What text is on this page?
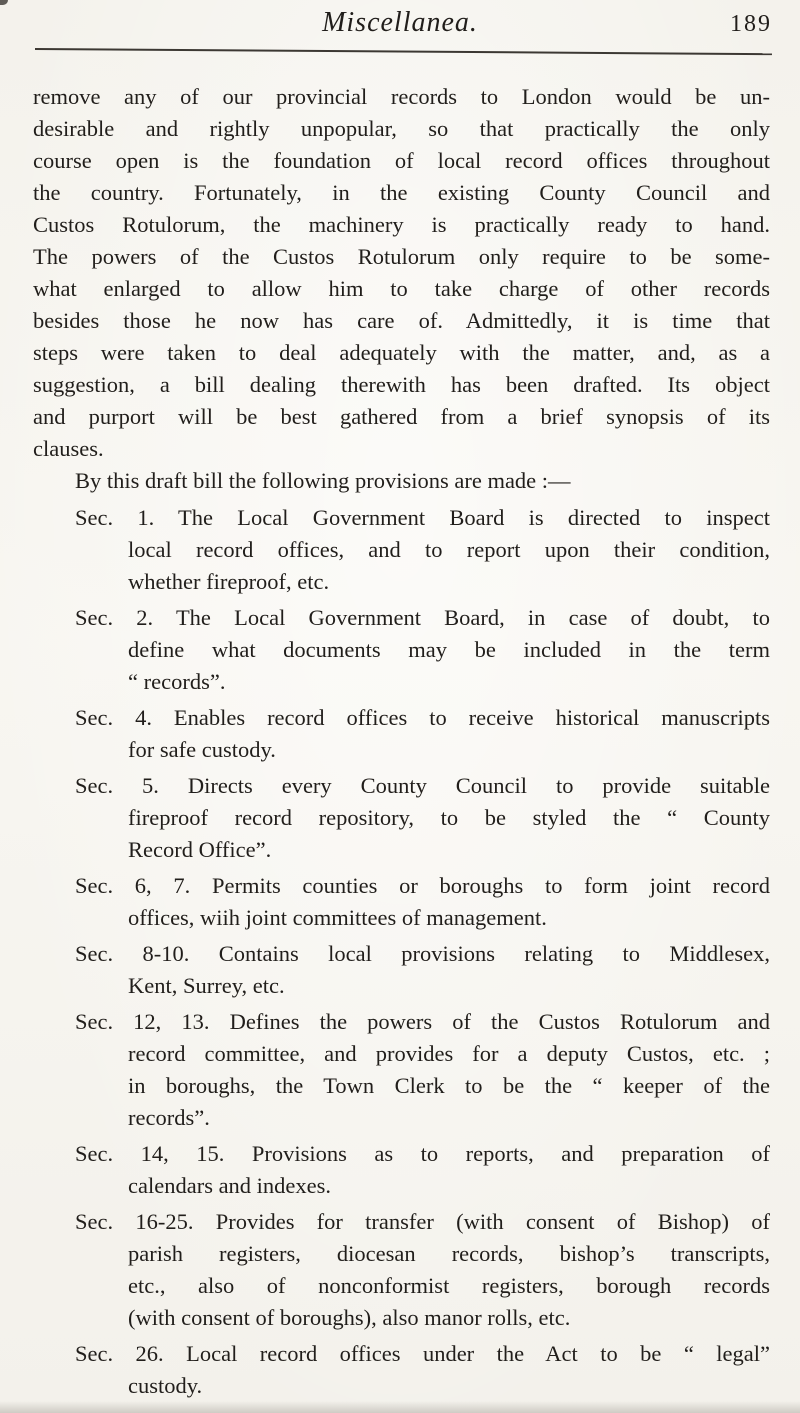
Miscellanea.	189
remove any of our provincial records to London would be un-
desirable and rightly unpopular, so that practically the only
course open is the foundation of local record offices throughout
the country. Fortunately, in the existing County Council and
Custos Rotulorum, the machinery is practically ready to hand.
The powers of the Custos Rotulorum only require to be some-
what enlarged to allow him to take charge of other records
besides those he now has care of. Admittedly, it is time that
steps were taken to deal adequately with the matter, and, as a
suggestion, a bill dealing therewith has been drafted. Its object
and purport will be best gathered from a brief synopsis of its
clauses.
By this draft bill the following provisions are made :—
Sec. 1. The Local Government Board is directed to inspect
local record offices, and to report upon their condition,
whether fireproof, etc.
Sec. 2. The Local Government Board, in case of doubt, to
define what documents may be included in the term
“ records”.
Sec. 4. Enables record offices to receive historical manuscripts
for safe custody.
Sec. 5. Directs every County Council to provide suitable
fireproof record repository, to be styled the “ County
Record Office”.
Sec. 6, 7. Permits counties or boroughs to form joint record
offices, wiih joint committees of management.
Sec. 8-10. Contains local provisions relating to Middlesex,
Kent, Surrey, etc.
Sec. 12, 13. Defines the powers of the Custos Rotulorum and
record committee, and provides for a deputy Custos, etc. ;
in boroughs, the Town Clerk to be the “ keeper of the
records”.
Sec. 14, 15. Provisions as to reports, and preparation of
calendars and indexes.
Sec. 16-25. Provides for transfer (with consent of Bishop) of
parish registers, diocesan records, bishop’s transcripts,
etc., also of nonconformist registers, borough records
(with consent of boroughs), also manor rolls, etc.
Sec. 26. Local record offices under the Act to be “ legal”
custody.
